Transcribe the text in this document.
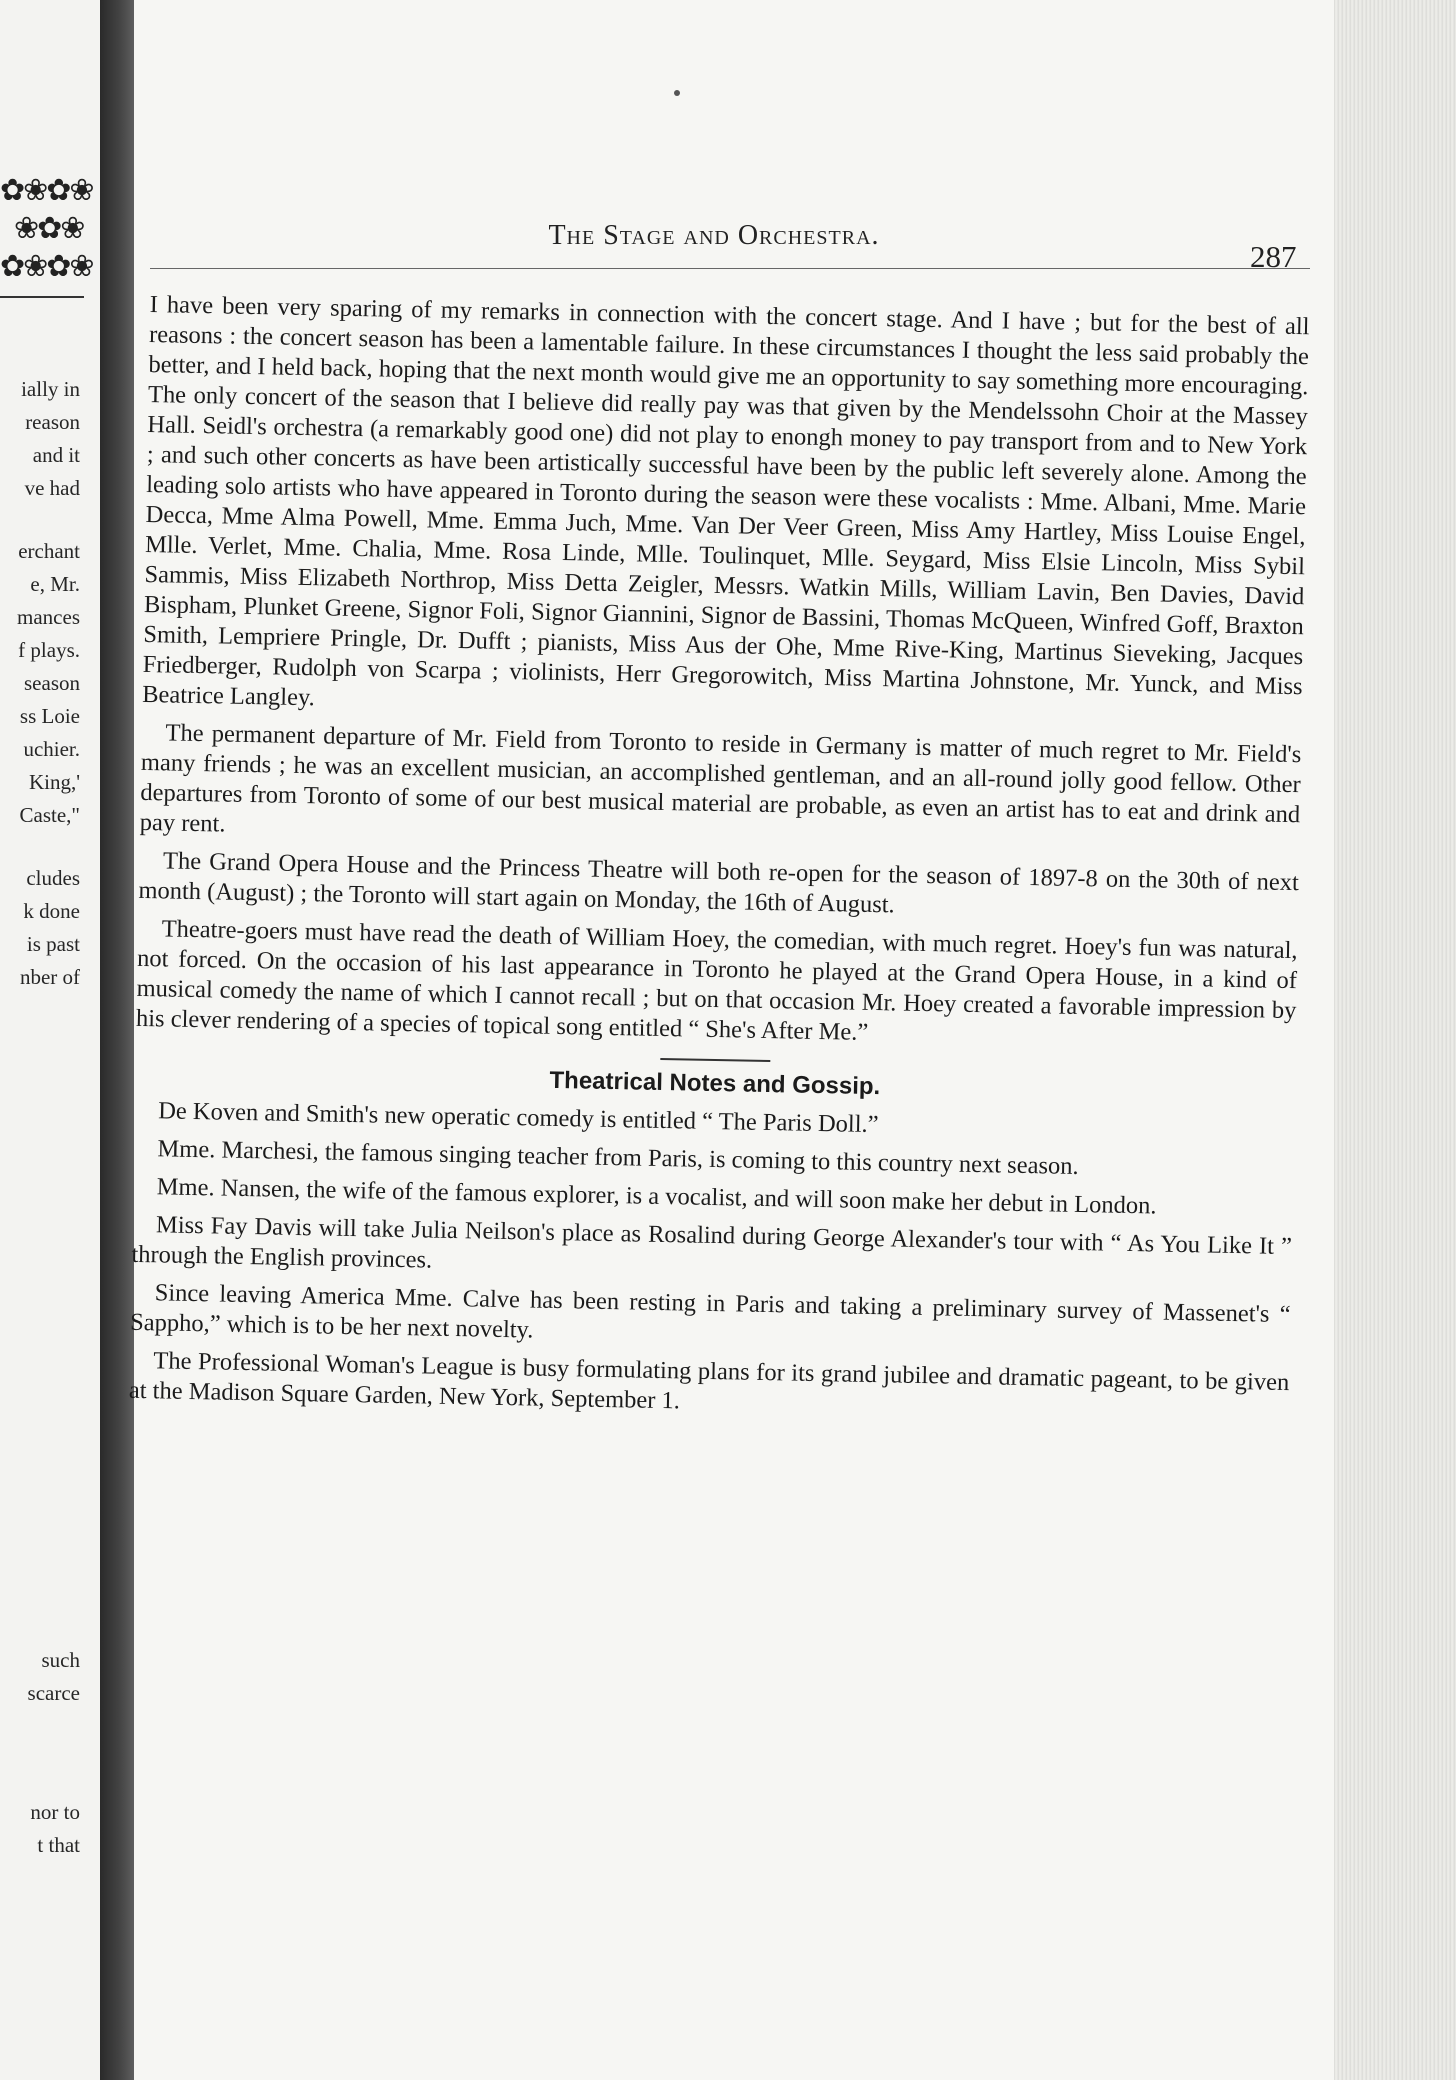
✿❀✿❀
❀✿❀
✿❀✿❀
ially in
reason
and it
ve had
erchant
e, Mr.
mances
f plays.
season
ss Loie
uchier.
King,'
Caste,"
cludes
k done
is past
nber of
such
scarce
nor to
t that
The Stage and Orchestra.
287

I have been very sparing of my remarks in connection with the concert stage. And I have ; but for the best of all reasons : the concert season has been a lamentable failure. In these circumstances I thought the less said probably the better, and I held back, hoping that the next month would give me an opportunity to say something more encouraging. The only concert of the season that I believe did really pay was that given by the Mendelssohn Choir at the Massey Hall. Seidl's orchestra (a remarkably good one) did not play to enongh money to pay transport from and to New York ; and such other concerts as have been artistically successful have been by the public left severely alone. Among the leading solo artists who have appeared in Toronto during the season were these vocalists : Mme. Albani, Mme. Marie Decca, Mme Alma Powell, Mme. Emma Juch, Mme. Van Der Veer Green, Miss Amy Hartley, Miss Louise Engel, Mlle. Verlet, Mme. Chalia, Mme. Rosa Linde, Mlle. Toulinquet, Mlle. Seygard, Miss Elsie Lincoln, Miss Sybil Sammis, Miss Elizabeth Northrop, Miss Detta Zeigler, Messrs. Watkin Mills, William Lavin, Ben Davies, David Bispham, Plunket Greene, Signor Foli, Signor Giannini, Signor de Bassini, Thomas McQueen, Winfred Goff, Braxton Smith, Lempriere Pringle, Dr. Dufft ; pianists, Miss Aus der Ohe, Mme Rive-King, Martinus Sieveking, Jacques Friedberger, Rudolph von Scarpa ; violinists, Herr Gregorowitch, Miss Martina Johnstone, Mr. Yunck, and Miss Beatrice Langley.

The permanent departure of Mr. Field from Toronto to reside in Germany is matter of much regret to Mr. Field's many friends ; he was an excellent musician, an accomplished gentleman, and an all-round jolly good fellow. Other departures from Toronto of some of our best musical material are probable, as even an artist has to eat and drink and pay rent.

The Grand Opera House and the Princess Theatre will both re-open for the season of 1897-8 on the 30th of next month (August) ; the Toronto will start again on Monday, the 16th of August.

Theatre-goers must have read the death of William Hoey, the comedian, with much regret. Hoey's fun was natural, not forced. On the occasion of his last appearance in Toronto he played at the Grand Opera House, in a kind of musical comedy the name of which I cannot recall ; but on that occasion Mr. Hoey created a favorable impression by his clever rendering of a species of topical song entitled “ She's After Me.”

Theatrical Notes and Gossip.

De Koven and Smith's new operatic comedy is entitled “ The Paris Doll.”

Mme. Marchesi, the famous singing teacher from Paris, is coming to this country next season.

Mme. Nansen, the wife of the famous explorer, is a vocalist, and will soon make her debut in London.

Miss Fay Davis will take Julia Neilson's place as Rosalind during George Alexander's tour with “ As You Like It ” through the English provinces.

Since leaving America Mme. Calve has been resting in Paris and taking a preliminary survey of Massenet's “ Sappho,” which is to be her next novelty.

The Professional Woman's League is busy formulating plans for its grand jubilee and dramatic pageant, to be given at the Madison Square Garden, New York, September 1.
